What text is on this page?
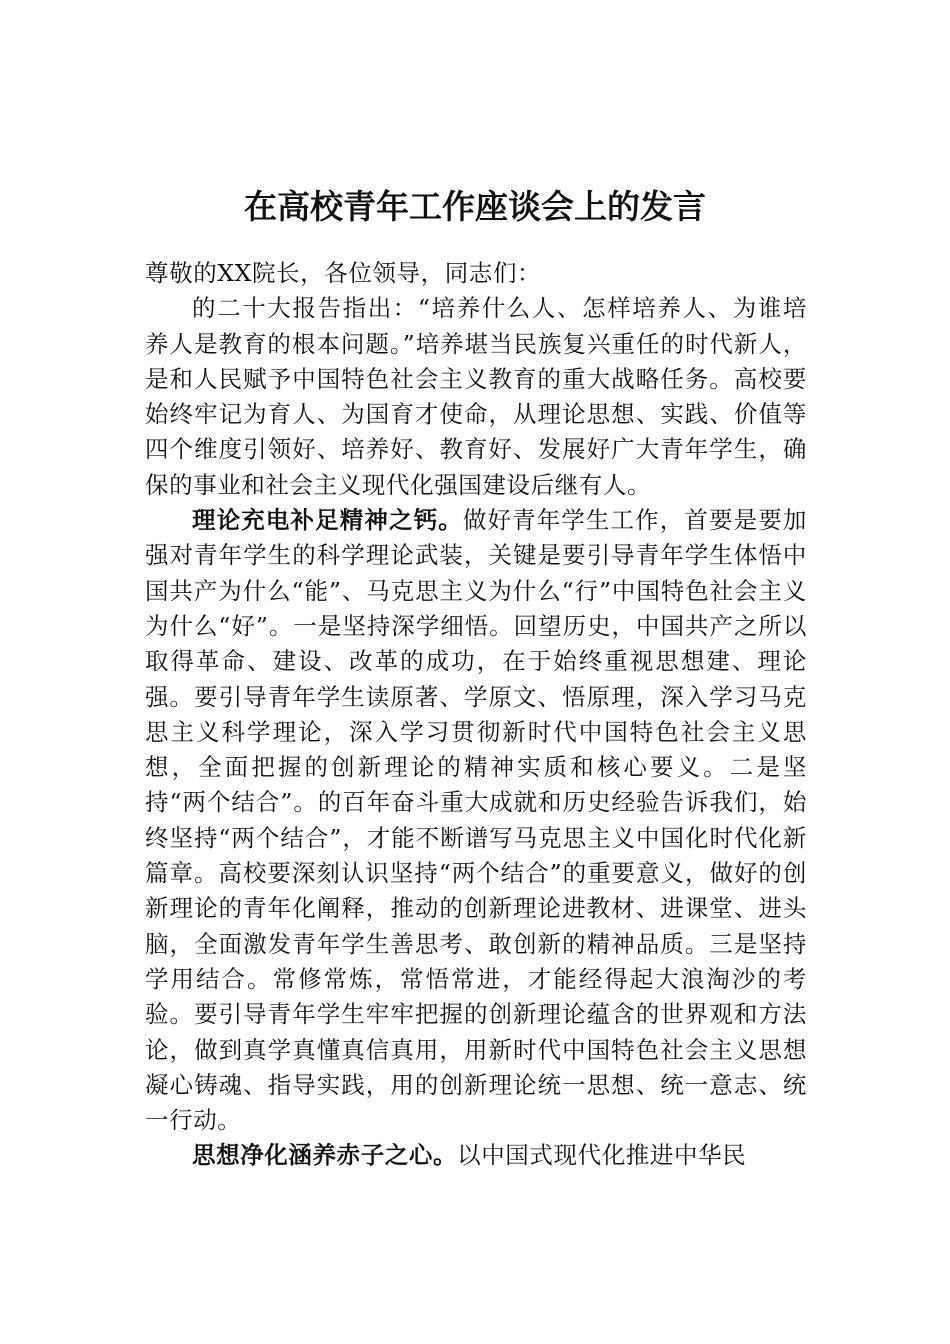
在高校青年工作座谈会上的发言

尊敬的XX院长，各位领导，同志们：

的二十大报告指出：“培养什么人、怎样培养人、为谁培养人是教育的根本问题。”培养堪当民族复兴重任的时代新人，是和人民赋予中国特色社会主义教育的重大战略任务。高校要始终牢记为育人、为国育才使命，从理论思想、实践、价值等四个维度引领好、培养好、教育好、发展好广大青年学生，确保的事业和社会主义现代化强国建设后继有人。

理论充电补足精神之钙。做好青年学生工作，首要是要加强对青年学生的科学理论武装，关键是要引导青年学生体悟中国共产为什么“能”、马克思主义为什么“行”中国特色社会主义为什么“好”。一是坚持深学细悟。回望历史，中国共产之所以取得革命、建设、改革的成功，在于始终重视思想建、理论强。要引导青年学生读原著、学原文、悟原理，深入学习马克思主义科学理论，深入学习贯彻新时代中国特色社会主义思想，全面把握的创新理论的精神实质和核心要义。二是坚持“两个结合”。的百年奋斗重大成就和历史经验告诉我们，始终坚持“两个结合”，才能不断谱写马克思主义中国化时代化新篇章。高校要深刻认识坚持“两个结合”的重要意义，做好的创新理论的青年化阐释，推动的创新理论进教材、进课堂、进头脑，全面激发青年学生善思考、敢创新的精神品质。三是坚持学用结合。常修常炼，常悟常进，才能经得起大浪淘沙的考验。要引导青年学生牢牢把握的创新理论蕴含的世界观和方法论，做到真学真懂真信真用，用新时代中国特色社会主义思想凝心铸魂、指导实践，用的创新理论统一思想、统一意志、统一行动。

思想净化涵养赤子之心。以中国式现代化推进中华民
